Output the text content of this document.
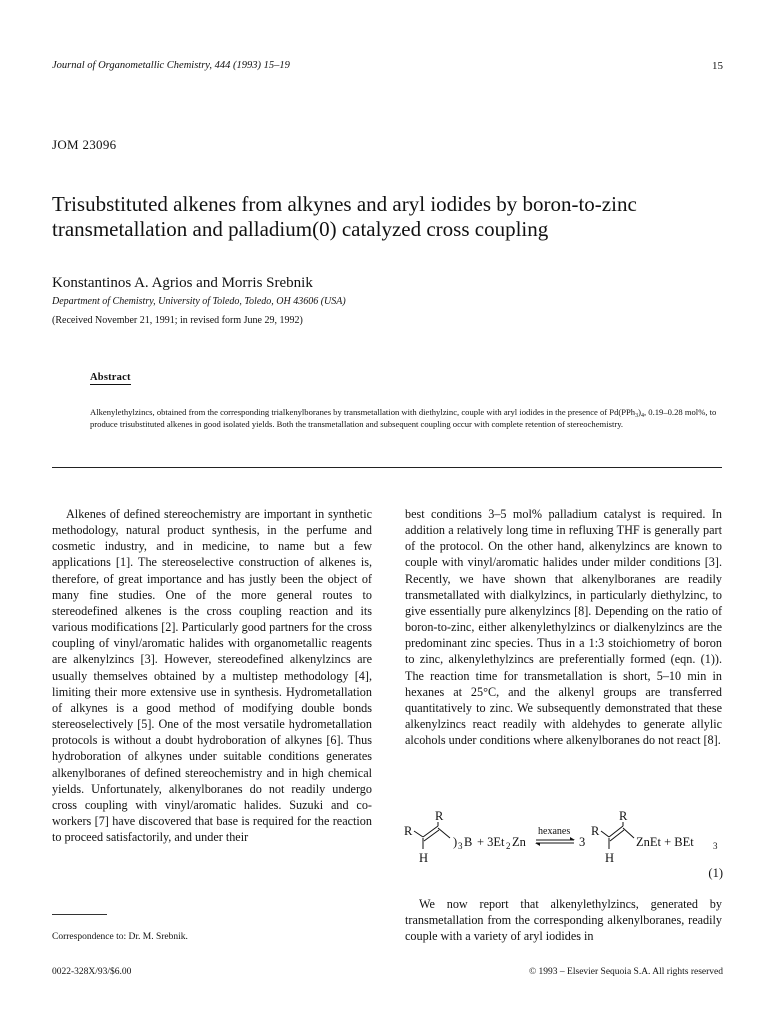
Journal of Organometallic Chemistry, 444 (1993) 15–19	15
JOM 23096
Trisubstituted alkenes from alkynes and aryl iodides by boron-to-zinc transmetallation and palladium(0) catalyzed cross coupling
Konstantinos A. Agrios and Morris Srebnik
Department of Chemistry, University of Toledo, Toledo, OH 43606 (USA)
(Received November 21, 1991; in revised form June 29, 1992)
Abstract
Alkenylethylzincs, obtained from the corresponding trialkenylboranes by transmetallation with diethylzinc, couple with aryl iodides in the presence of $Pd(PPh_3)_4$, 0.19–0.28 mol%, to produce trisubstituted alkenes in good isolated yields. Both the transmetallation and subsequent coupling occur with complete retention of stereochemistry.

Alkenes of defined stereochemistry are important in synthetic methodology, natural product synthesis, in the perfume and cosmetic industry, and in medicine, to name but a few applications [1]. The stereoselective construction of alkenes is, therefore, of great importance and has justly been the object of many fine studies. One of the more general routes to stereodefined alkenes is the cross coupling reaction and its various modifications [2]. Particularly good partners for the cross coupling of vinyl/aromatic halides with organometallic reagents are alkenylzincs [3]. However, stereodefined alkenylzincs are usually themselves obtained by a multistep methodology [4], limiting their more extensive use in synthesis. Hydrometallation of alkynes is a good method of modifying double bonds stereoselectively [5]. One of the most versatile hydrometallation protocols is without a doubt hydroboration of alkynes [6]. Thus hydroboration of alkynes under suitable conditions generates alkenylboranes of defined stereochemistry and in high chemical yields. Unfortunately, alkenylboranes do not readily undergo cross coupling with vinyl/aromatic halides. Suzuki and co-workers [7] have discovered that base is required for the reaction to proceed satisfactorily, and under their

best conditions 3–5 mol% palladium catalyst is required. In addition a relatively long time in refluxing THF is generally part of the protocol. On the other hand, alkenylzincs are known to couple with vinyl/aromatic halides under milder conditions [3]. Recently, we have shown that alkenylboranes are readily transmetallated with dialkylzincs, in particularly diethylzinc, to give essentially pure alkenylzincs [8]. Depending on the ratio of boron-to-zinc, either alkenylethylzincs or dialkenylzincs are the predominant zinc species. Thus in a 1:3 stoichiometry of boron to zinc, alkenylethylzincs are preferentially formed (eqn. (1)). The reaction time for transmetallation is short, 5–10 min in hexanes at 25°C, and the alkenyl groups are transferred quantitatively to zinc. We subsequently demonstrated that these alkenylzincs react readily with aldehydes to generate allylic alcohols under conditions where alkenylboranes do not react [8].

R
R
H
) 3 B + 3Et 2 Zn
hexanes
3
R
R
H
ZnEt + BEt 3
(1)

We now report that alkenylethylzincs, generated by transmetallation from the corresponding alkenylboranes, readily couple with a variety of aryl iodides in

Correspondence to: Dr. M. Srebnik.
0022-328X/93/$6.00	© 1993 – Elsevier Sequoia S.A. All rights reserved
